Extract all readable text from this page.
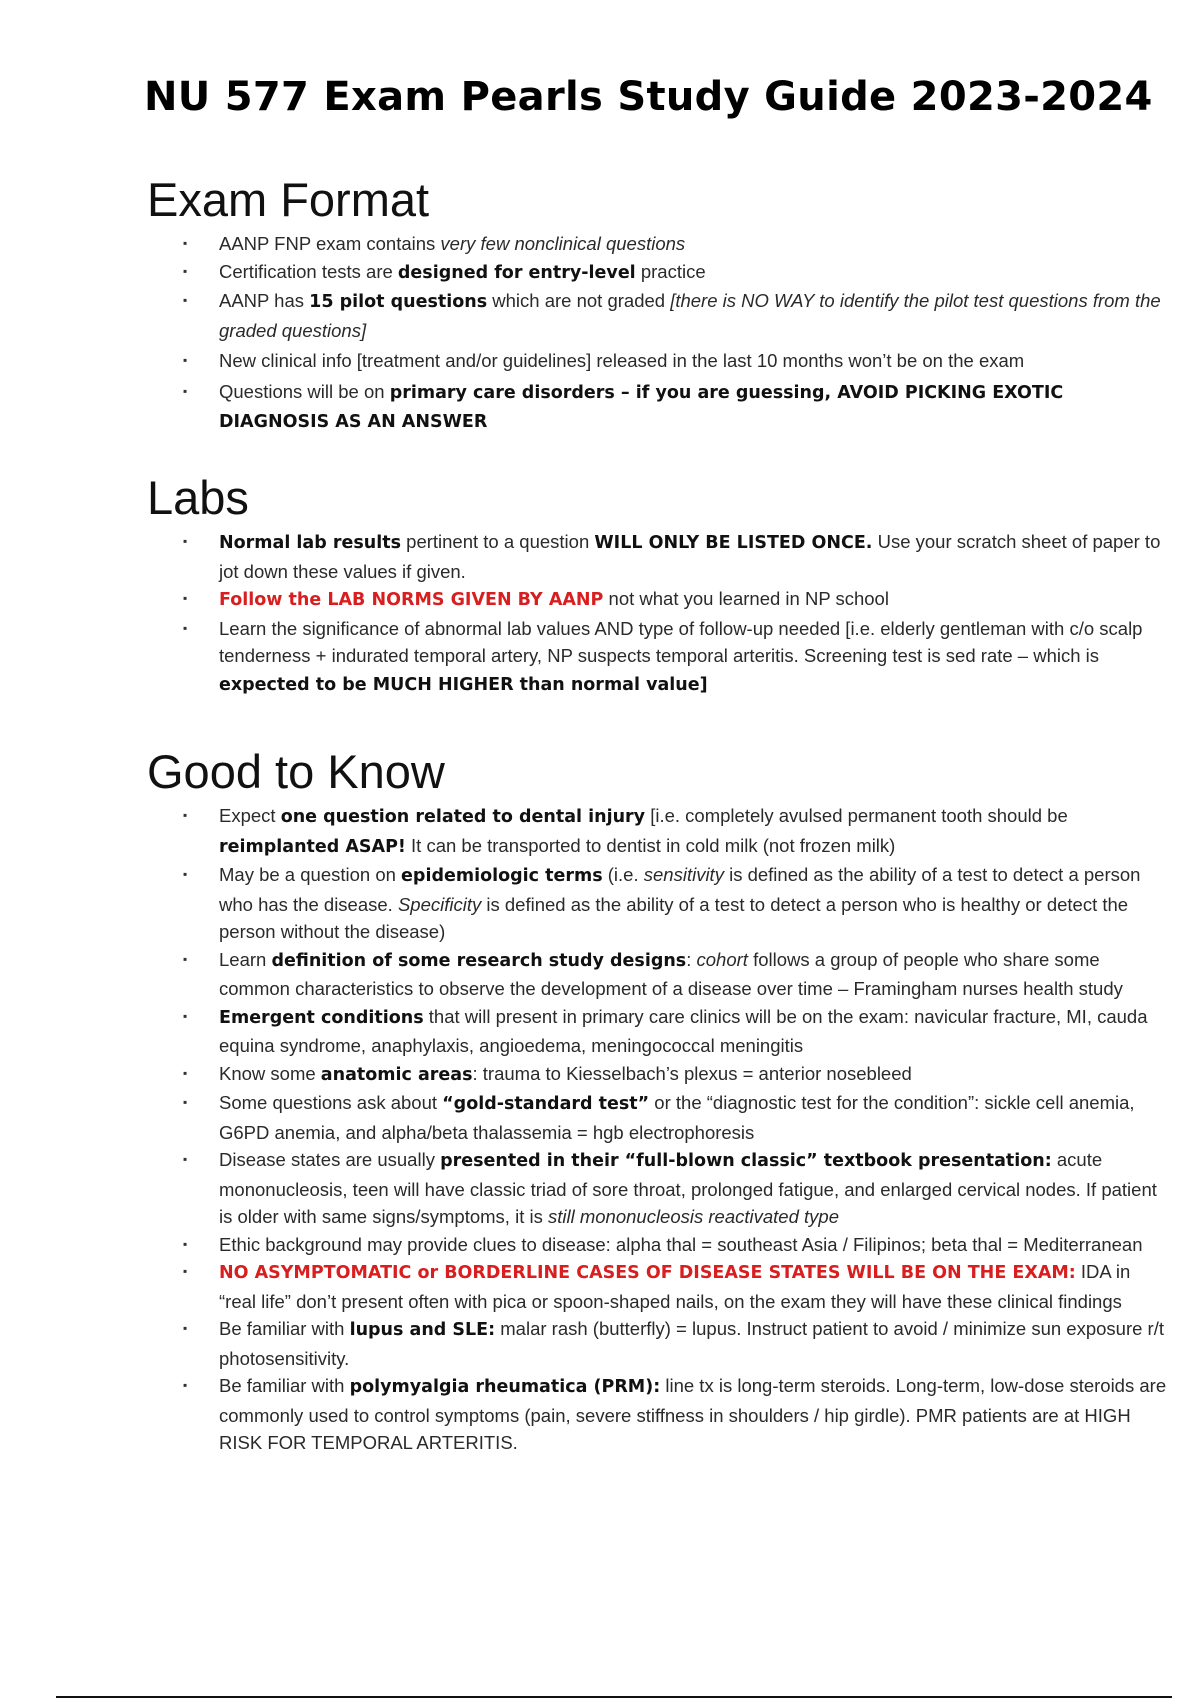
NU 577 Exam Pearls Study Guide 2023-2024
Exam Format
▪ AANP FNP exam contains very few nonclinical questions
▪ Certification tests are designed for entry-level practice
▪ AANP has 15 pilot questions which are not graded [there is NO WAY to identify the pilot test questions from the graded questions]
▪ New clinical info [treatment and/or guidelines] released in the last 10 months won’t be on the exam
▪ Questions will be on primary care disorders – if you are guessing, AVOID PICKING EXOTIC DIAGNOSIS AS AN ANSWER
Labs
▪ Normal lab results pertinent to a question WILL ONLY BE LISTED ONCE. Use your scratch sheet of paper to jot down these values if given.
▪ Follow the LAB NORMS GIVEN BY AANP not what you learned in NP school
▪ Learn the significance of abnormal lab values AND type of follow-up needed [i.e. elderly gentleman with c/o scalp tenderness + indurated temporal artery, NP suspects temporal arteritis. Screening test is sed rate – which is expected to be MUCH HIGHER than normal value]
Good to Know
▪ Expect one question related to dental injury [i.e. completely avulsed permanent tooth should be reimplanted ASAP! It can be transported to dentist in cold milk (not frozen milk)
▪ May be a question on epidemiologic terms (i.e. sensitivity is defined as the ability of a test to detect a person who has the disease. Specificity is defined as the ability of a test to detect a person who is healthy or detect the person without the disease)
▪ Learn definition of some research study designs: cohort follows a group of people who share some common characteristics to observe the development of a disease over time – Framingham nurses health study
▪ Emergent conditions that will present in primary care clinics will be on the exam: navicular fracture, MI, cauda equina syndrome, anaphylaxis, angioedema, meningococcal meningitis
▪ Know some anatomic areas: trauma to Kiesselbach’s plexus = anterior nosebleed
▪ Some questions ask about “gold-standard test” or the “diagnostic test for the condition”: sickle cell anemia, G6PD anemia, and alpha/beta thalassemia = hgb electrophoresis
▪ Disease states are usually presented in their “full-blown classic” textbook presentation: acute mononucleosis, teen will have classic triad of sore throat, prolonged fatigue, and enlarged cervical nodes. If patient is older with same signs/symptoms, it is still mononucleosis reactivated type
▪ Ethic background may provide clues to disease: alpha thal = southeast Asia / Filipinos; beta thal = Mediterranean
▪ NO ASYMPTOMATIC or BORDERLINE CASES OF DISEASE STATES WILL BE ON THE EXAM: IDA in “real life” don’t present often with pica or spoon-shaped nails, on the exam they will have these clinical findings
▪ Be familiar with lupus and SLE: malar rash (butterfly) = lupus. Instruct patient to avoid / minimize sun exposure r/t photosensitivity.
▪ Be familiar with polymyalgia rheumatica (PRM): line tx is long-term steroids. Long-term, low-dose steroids are commonly used to control symptoms (pain, severe stiffness in shoulders / hip girdle). PMR patients are at HIGH RISK FOR TEMPORAL ARTERITIS.
